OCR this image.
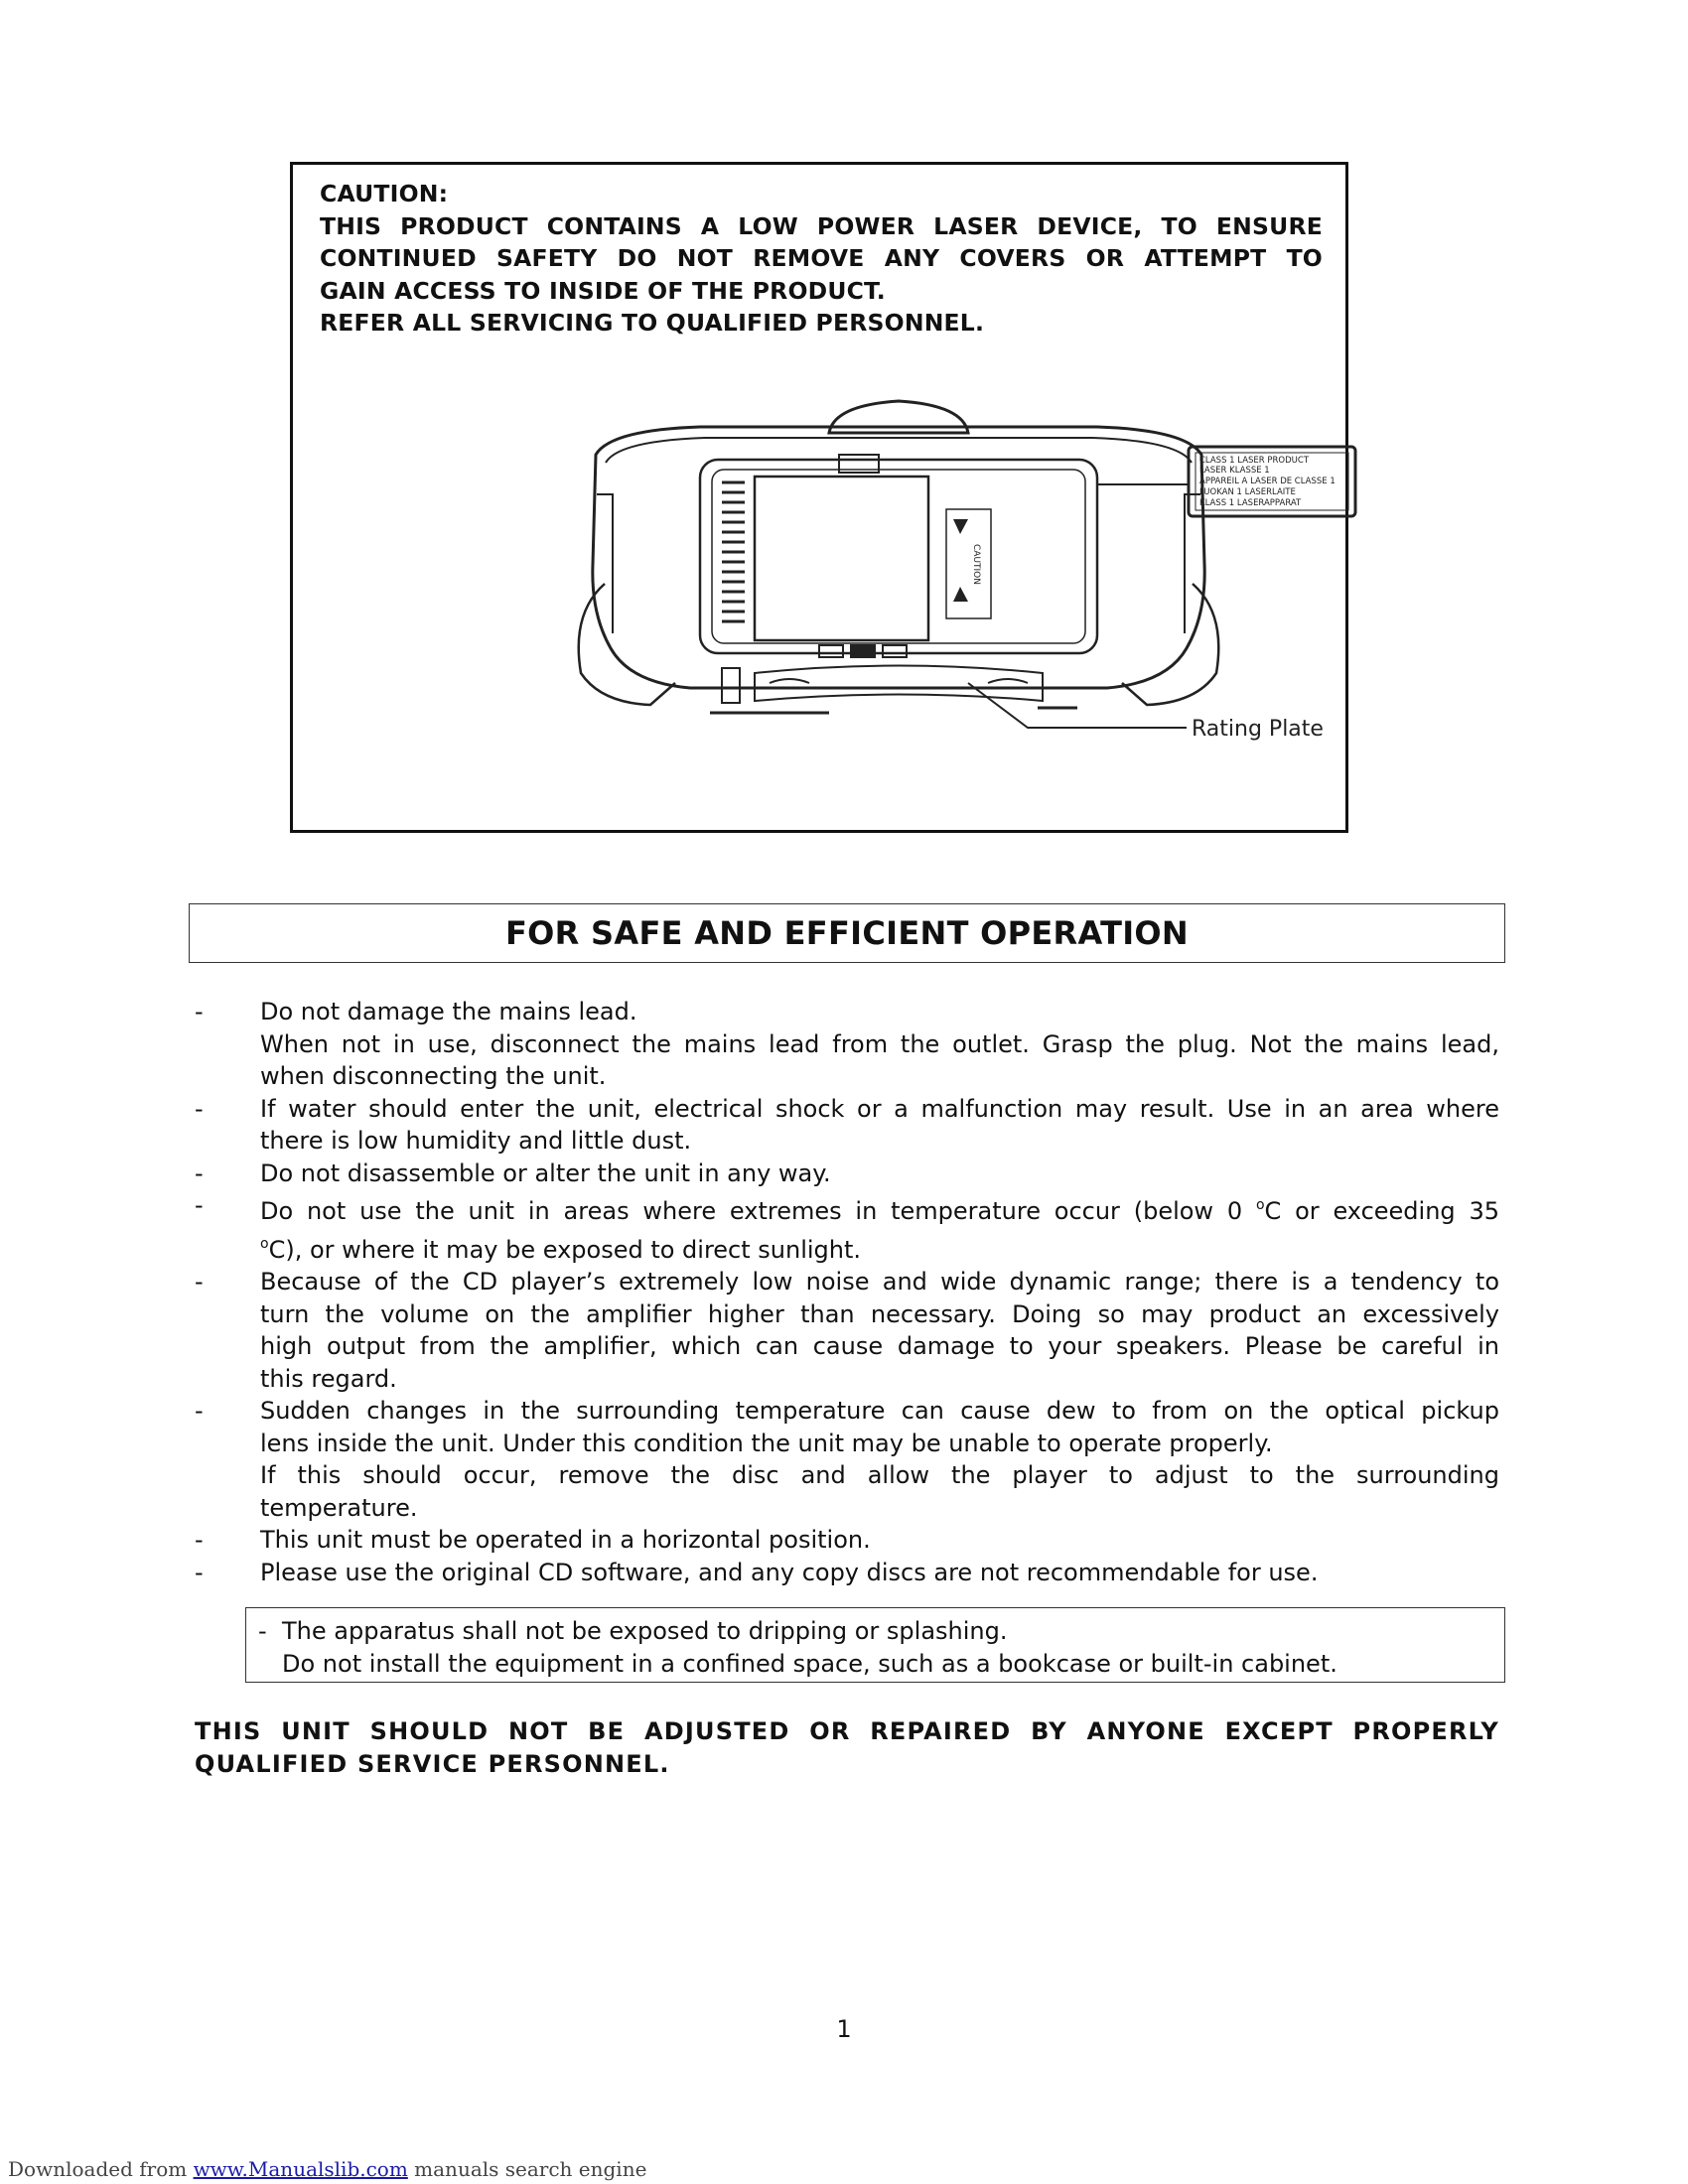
CAUTION:
THIS PRODUCT CONTAINS A LOW POWER LASER DEVICE, TO ENSURE
CONTINUED SAFETY DO NOT REMOVE ANY COVERS OR ATTEMPT TO
GAIN ACCESS TO INSIDE OF THE PRODUCT.
REFER ALL SERVICING TO QUALIFIED PERSONNEL.
CAUTION
CLASS 1 LASER PRODUCT
LASER KLASSE 1
APPAREIL A LASER DE CLASSE 1
LUOKAN 1 LASERLAITE
KLASS 1 LASERAPPARAT
Rating Plate
FOR SAFE AND EFFICIENT OPERATION
-	Do not damage the mains lead.
When not in use, disconnect the mains lead from the outlet. Grasp the plug. Not the mains lead,
when disconnecting the unit.
-	If water should enter the unit, electrical shock or a malfunction may result. Use in an area where
there is low humidity and little dust.
-	Do not disassemble or alter the unit in any way.
-	Do not use the unit in areas where extremes in temperature occur (below 0 $^o$C or exceeding 35
$^o$C), or where it may be exposed to direct sunlight.
-	Because of the CD player’s extremely low noise and wide dynamic range; there is a tendency to
turn the volume on the amplifier higher than necessary. Doing so may product an excessively
high output from the amplifier, which can cause damage to your speakers. Please be careful in
this regard.
-	Sudden changes in the surrounding temperature can cause dew to from on the optical pickup
lens inside the unit. Under this condition the unit may be unable to operate properly.
If this should occur, remove the disc and allow the player to adjust to the surrounding
temperature.
-	This unit must be operated in a horizontal position.
-	Please use the original CD software, and any copy discs are not recommendable for use.
- The apparatus shall not be exposed to dripping or splashing.
Do not install the equipment in a confined space, such as a bookcase or built-in cabinet.
THIS UNIT SHOULD NOT BE ADJUSTED OR REPAIRED BY ANYONE EXCEPT PROPERLY
QUALIFIED SERVICE PERSONNEL.
1
Downloaded from www.Manualslib.com manuals search engine
